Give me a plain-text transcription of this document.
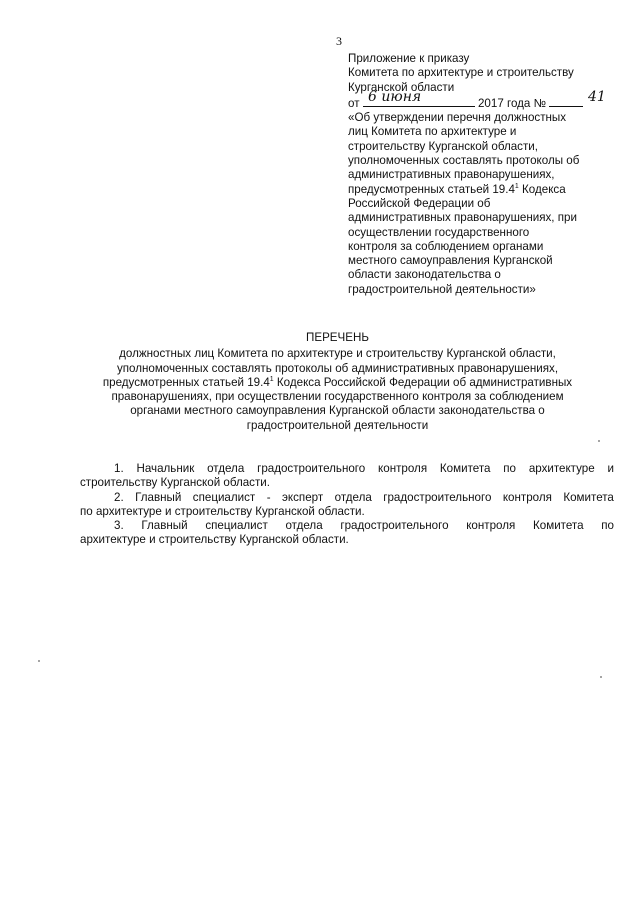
3
Приложение к приказу
Комитета по архитектуре и строительству
Курганской области
от 6 июня	2017 года №	41
«Об утверждении перечня должностных
лиц Комитета по архитектуре и
строительству Курганской области,
уполномоченных составлять протоколы об
административных правонарушениях,
предусмотренных статьей 19.4$^1$ Кодекса
Российской Федерации об
административных правонарушениях, при
осуществлении государственного
контроля за соблюдением органами
местного самоуправления Курганской
области законодательства о
градостроительной деятельности»
ПЕРЕЧЕНЬ
должностных лиц Комитета по архитектуре и строительству Курганской области,
уполномоченных составлять протоколы об административных правонарушениях,
предусмотренных статьей 19.4$^1$ Кодекса Российской Федерации об административных
правонарушениях, при осуществлении государственного контроля за соблюдением
органами местного самоуправления Курганской области законодательства о
градостроительной деятельности
1. Начальник отдела градостроительного контроля Комитета по архитектуре и
строительству Курганской области.
2. Главный специалист - эксперт отдела градостроительного контроля Комитета
по архитектуре и строительству Курганской области.
3. Главный специалист отдела градостроительного контроля Комитета по
архитектуре и строительству Курганской области.
